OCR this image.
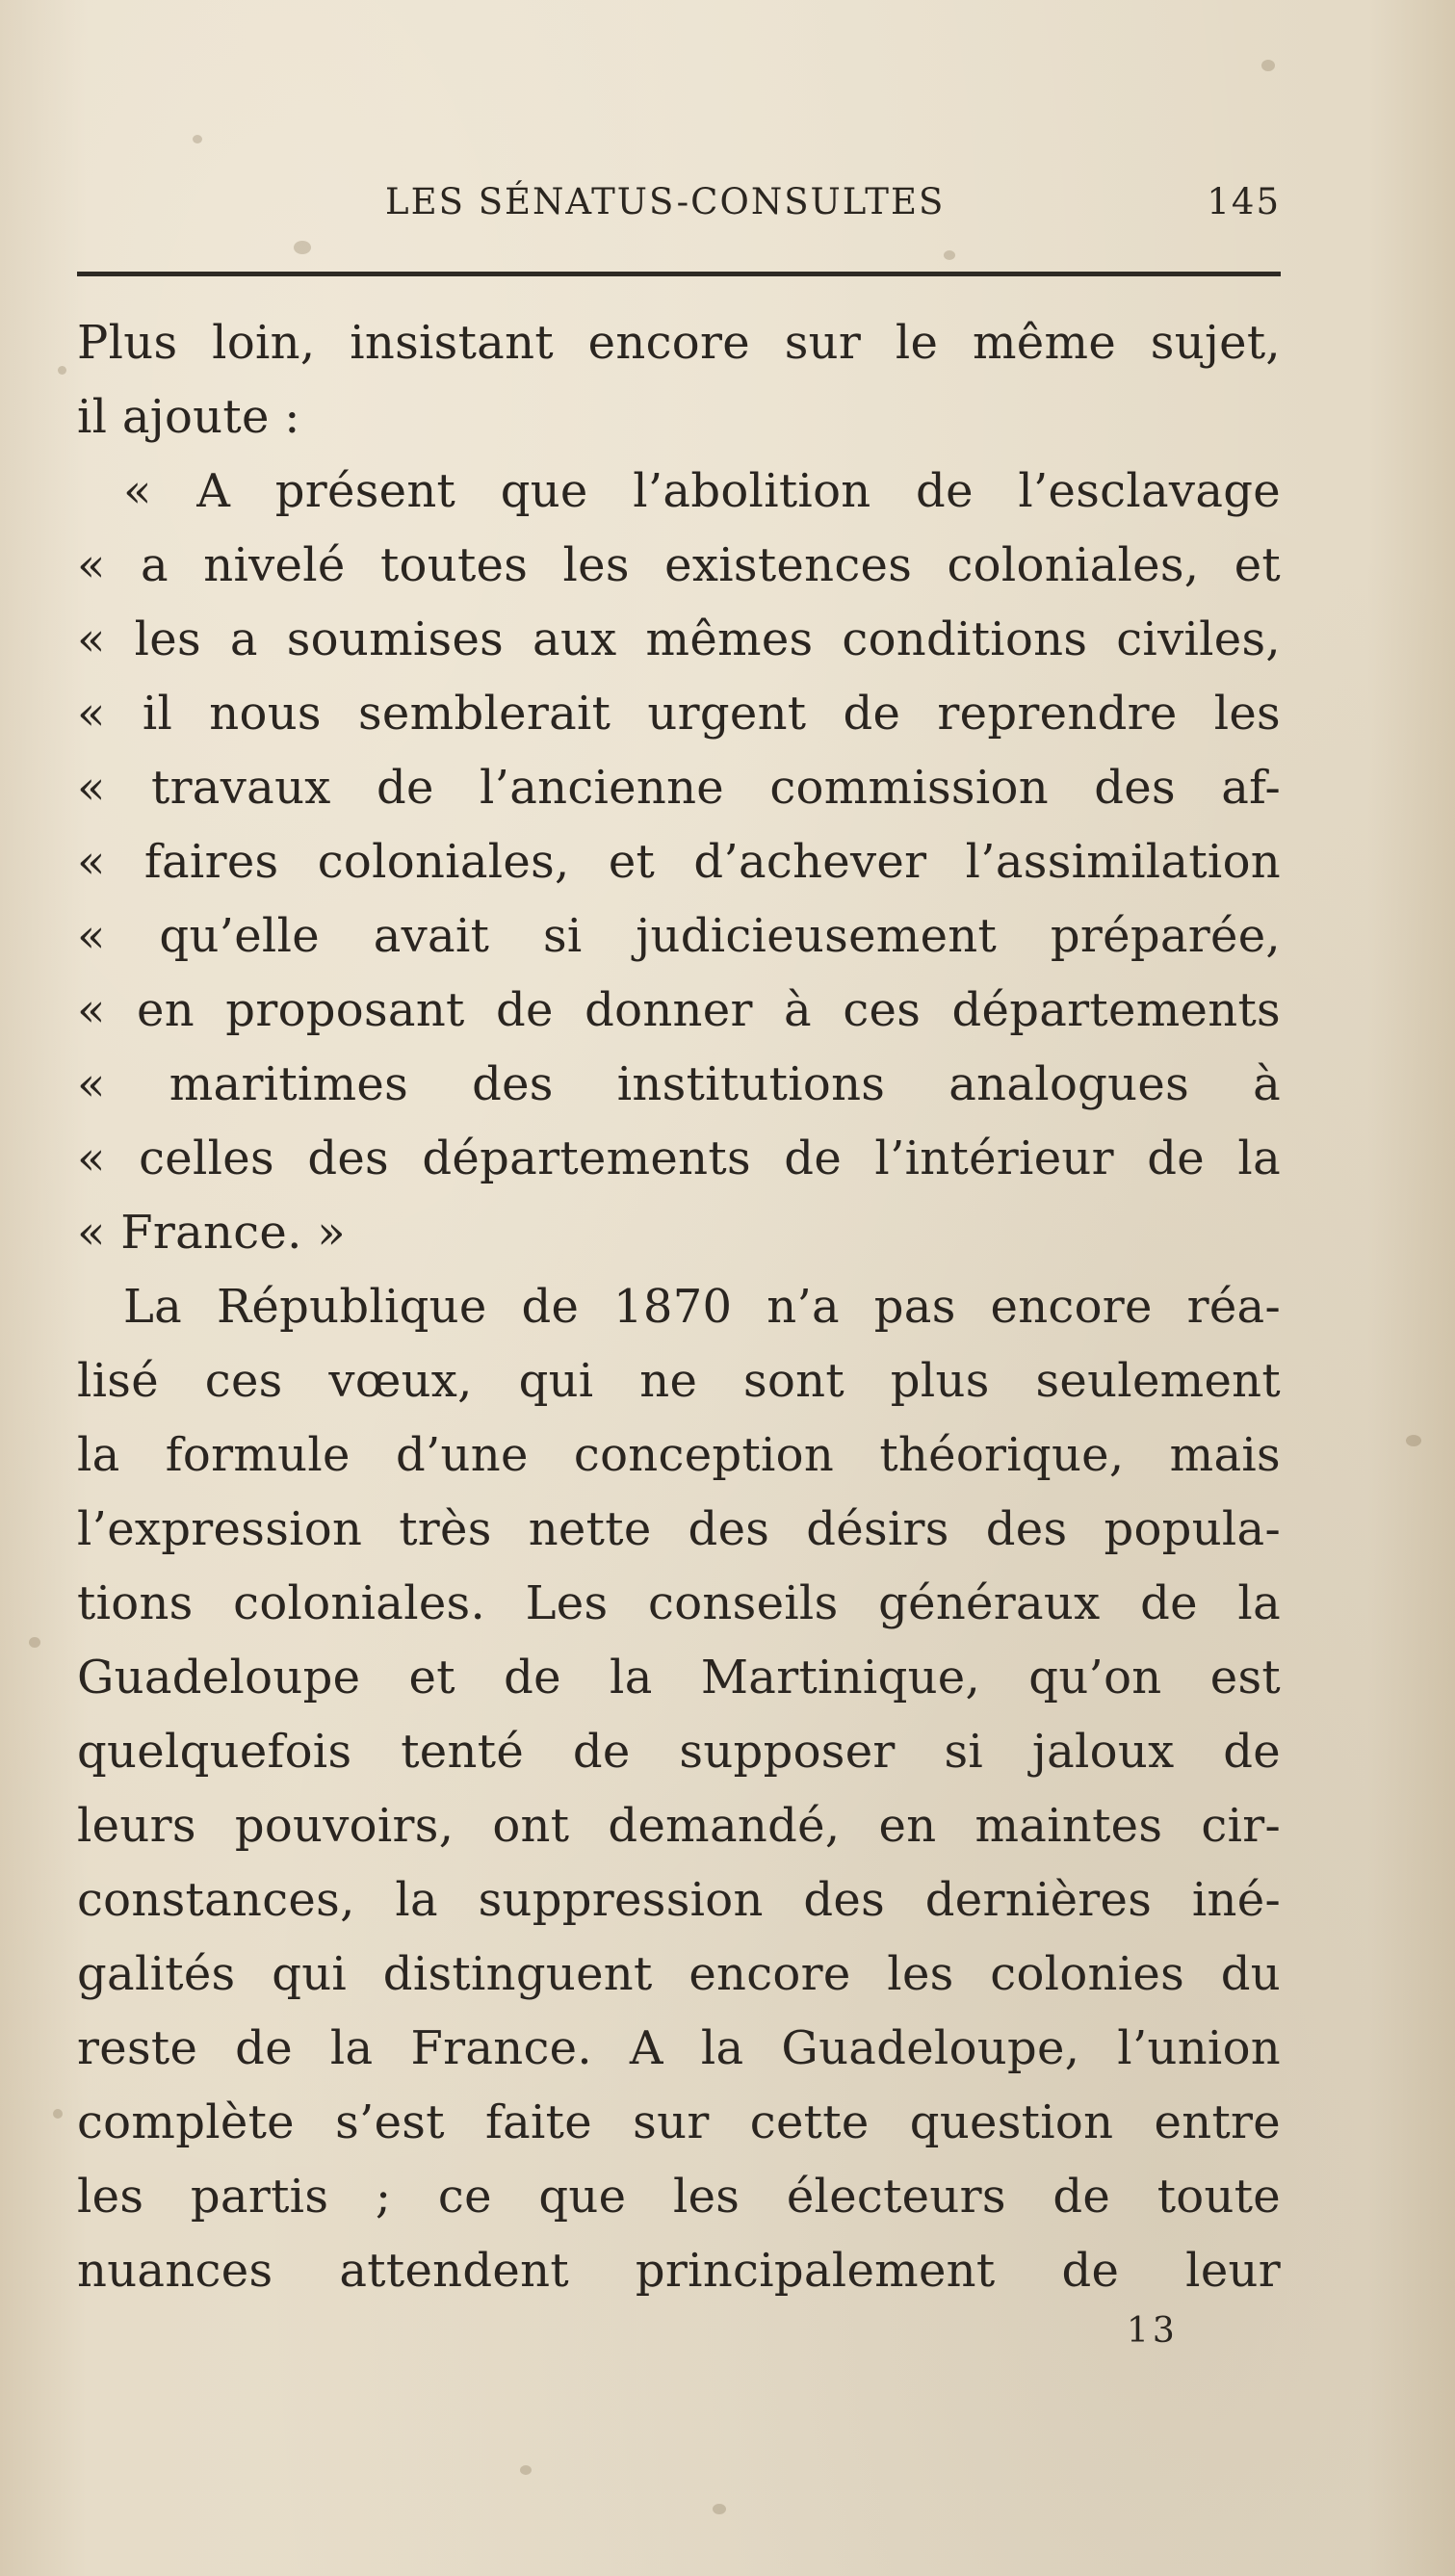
LES SÉNATUS-CONSULTES	145
Plus loin, insistant encore sur le même sujet,
il ajoute :
« A présent que l’abolition de l’esclavage
« a nivelé toutes les existences coloniales, et
« les a soumises aux mêmes conditions civiles,
« il nous semblerait urgent de reprendre les
« travaux de l’ancienne commission des af-
« faires coloniales, et d’achever l’assimilation
« qu’elle avait si judicieusement préparée,
« en proposant de donner à ces départements
« maritimes des institutions analogues à
« celles des départements de l’intérieur de la
« France. »
La République de 1870 n’a pas encore réa-
lisé ces vœux, qui ne sont plus seulement
la formule d’une conception théorique, mais
l’expression très nette des désirs des popula-
tions coloniales. Les conseils généraux de la
Guadeloupe et de la Martinique, qu’on est
quelquefois tenté de supposer si jaloux de
leurs pouvoirs, ont demandé, en maintes cir-
constances, la suppression des dernières iné-
galités qui distinguent encore les colonies du
reste de la France. A la Guadeloupe, l’union
complète s’est faite sur cette question entre
les partis ; ce que les électeurs de toute
nuances attendent principalement de leur
13
